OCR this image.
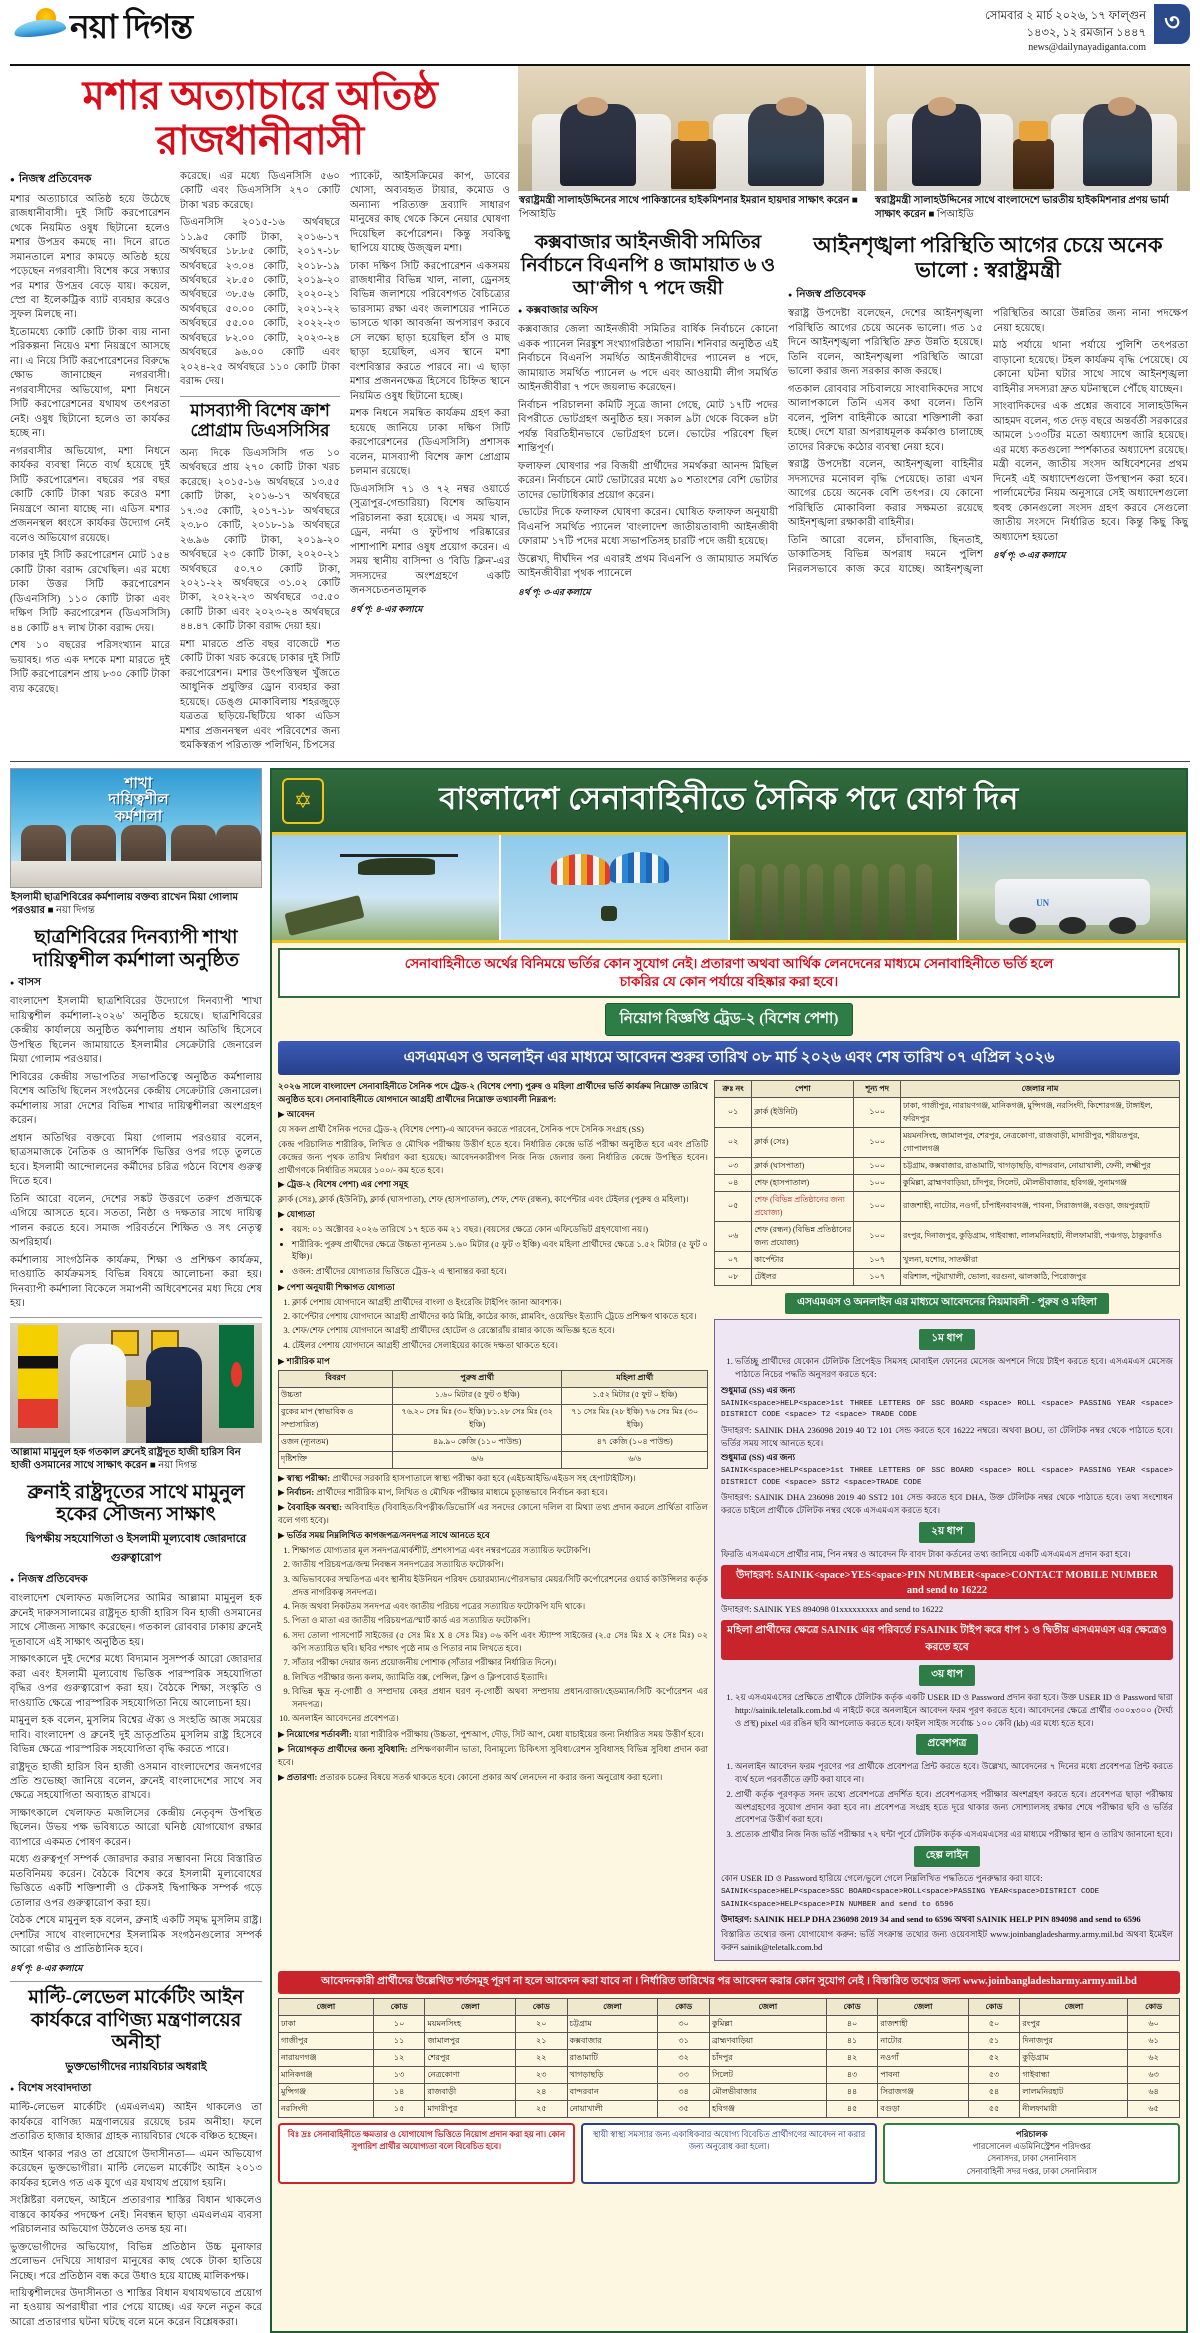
নয়া দিগন্ত	সোমবার ২ মার্চ ২০২৬, ১৭ ফাল্গুন
১৪৩২, ১২ রমজান ১৪৪৭
news@dailynayadiganta.com
৩
মশার অত্যাচারে অতিষ্ঠ রাজধানীবাসী
● নিজস্ব প্রতিবেদক

মশার অত্যাচারে অতিষ্ঠ হয়ে উঠেছে রাজধানীবাসী। দুই সিটি করপোরেশন থেকে নিয়মিত ওষুধ ছিটানো হলেও মশার উপদ্রব কমছে না। দিনে রাতে সমানতালে মশার কামড়ে অতিষ্ঠ হয়ে পড়েছেন নগরবাসী। বিশেষ করে সন্ধ্যার পর মশার উপদ্রব বেড়ে যায়। কয়েল, স্প্রে বা ইলেকট্রিক ব্যাট ব্যবহার করেও সুফল মিলছে না।

ইতোমধ্যে কোটি কোটি টাকা ব্যয় নানা পরিকল্পনা নিয়েও মশা নিয়ন্ত্রণে আসছে না। এ নিয়ে সিটি করপোরেশনের বিরুদ্ধে ক্ষোভ জানাচ্ছেন নগরবাসী। নগরবাসীদের অভিযোগ, মশা নিধনে সিটি করপোরেশনের যথাযথ তৎপরতা নেই। ওষুধ ছিটানো হলেও তা কার্যকর হচ্ছে না।

নগরবাসীর অভিযোগ, মশা নিধনে কার্যকর ব্যবস্থা নিতে ব্যর্থ হয়েছে দুই সিটি করপোরেশন। বছরের পর বছর কোটি কোটি টাকা খরচ করেও মশা নিয়ন্ত্রণে আনা যাচ্ছে না। এডিস মশার প্রজননস্থল ধ্বংসে কার্যকর উদ্যোগ নেই বলেও অভিযোগ রয়েছে।

ঢাকার দুই সিটি করপোরেশন মোট ১৫৪ কোটি টাকা বরাদ্দ রেখেছিল। এর মধ্যে ঢাকা উত্তর সিটি করপোরেশন (ডিএনসিসি) ১১০ কোটি টাকা এবং দক্ষিণ সিটি করপোরেশন (ডিএসসিসি) ৪৪ কোটি ৪৭ লাখ টাকা বরাদ্দ দেয়।

শেষ ১০ বছরের পরিসংখ্যান মারে ভয়াবহ। গত এক দশকে মশা মারতে দুই সিটি করপোরেশন প্রায় ৮৩০ কোটি টাকা ব্যয় করেছে।

করেছে। এর মধ্যে ডিএনসিসি ৫৬০ কোটি এবং ডিএসসিসি ২৭০ কোটি টাকা খরচ করেছে।

ডিএনসিসি ২০১৫-১৬ অর্থবছরে ১১.৯৫ কোটি টাকা, ২০১৬-১৭ অর্থবছরে ১৮.৮৫ কোটি, ২০১৭-১৮ অর্থবছরে ২৩.০৪ কোটি, ২০১৮-১৯ অর্থবছরে ২৮.৫০ কোটি, ২০১৯-২০ অর্থবছরে ৩৮.৫৬ কোটি, ২০২০-২১ অর্থবছরে ৫০.০০ কোটি, ২০২১-২২ অর্থবছরে ৫৫.০০ কোটি, ২০২২-২৩ অর্থবছরে ৮২.০০ কোটি, ২০২৩-২৪ অর্থবছরে ৯৬.০০ কোটি এবং ২০২৪-২৫ অর্থবছরে ১১০ কোটি টাকা বরাদ্দ দেয়।

মাসব্যাপী বিশেষ ক্রাশ প্রোগ্রাম ডিএসসিসির

অন্য দিকে ডিএসসিসি গত ১০ অর্থবছরে প্রায় ২৭০ কোটি টাকা খরচ করেছে। ২০১৫-১৬ অর্থবছরে ১৩.৫৫ কোটি টাকা, ২০১৬-১৭ অর্থবছরে ১৭.৩৫ কোটি, ২০১৭-১৮ অর্থবছরে ২৩.৮০ কোটি, ২০১৮-১৯ অর্থবছরে ২৬.৯৬ কোটি টাকা, ২০১৯-২০ অর্থবছরে ২৩ কোটি টাকা, ২০২০-২১ অর্থবছরে ৫০.৭০ কোটি টাকা, ২০২১-২২ অর্থবছরে ৩১.০২ কোটি টাকা, ২০২২-২৩ অর্থবছরে ৩৫.৫০ কোটি টাকা এবং ২০২৩-২৪ অর্থবছরে ৪৪.৪৭ কোটি টাকা বরাদ্দ দেয়া হয়।

মশা মারতে প্রতি বছর বাজেটে শত কোটি টাকা খরচ করেছে ঢাকার দুই সিটি করপোরেশন। মশার উৎপত্তিস্থল খুঁজতে আধুনিক প্রযুক্তির ড্রোন ব্যবহার করা হয়েছে। ডেঙ্গু মোকাবিলায় শহরজুড়ে যত্রতত্র ছড়িয়ে-ছিটিয়ে থাকা এডিস মশার প্রজননস্থল এবং পরিবেশের জন্য হুমকিস্বরূপ পরিত্যক্ত পলিথিন, চিপসের

প্যাকেট, আইসক্রিমের কাপ, ডাবের খোসা, অব্যবহৃত টায়ার, কমোড ও অন্যান্য পরিত্যক্ত দ্রব্যাদি সাধারণ মানুষের কাছ থেকে কিনে নেয়ার ঘোষণা দিয়েছিল কর্পোরেশন। কিন্তু সবকিছু ছাপিয়ে যাচ্ছে উজ্জ্বল মশা।

ঢাকা দক্ষিণ সিটি করপোরেশন একসময় রাজধানীর বিভিন্ন খাল, নালা, ড্রেনসহ বিভিন্ন জলাশয়ে পরিবেশগত বৈচিত্র্যের ভারসাম্য রক্ষা এবং জলাশয়ের পানিতে ভাসতে থাকা আবর্জনা অপসারণ করবে সে লক্ষ্যে ছাড়া হয়েছিল হাঁস ও মাছ ছাড়া হয়েছিল, এসব স্থানে মশা বংশবিস্তার করতে পারবে না। এ ছাড়া মশার প্রজননক্ষেত্র হিসেবে চিহ্নিত স্থানে নিয়মিত ওষুধ ছিটানো হচ্ছে।

মশক নিধনে সমন্বিত কার্যক্রম গ্রহণ করা হয়েছে জানিয়ে ঢাকা দক্ষিণ সিটি করপোরেশনের (ডিএসসিসি) প্রশাসক বলেন, মাসব্যাপী বিশেষ ক্রাশ প্রোগ্রাম চলমান রয়েছে।

ডিএসসিসি ৭১ ও ৭২ নম্বর ওয়ার্ডে (সুত্রাপুর-গেন্ডারিয়া) বিশেষ অভিযান পরিচালনা করা হয়েছে। এ সময় খাল, ড্রেন, নর্দমা ও ফুটপাথ পরিষ্কারের পাশাপাশি মশার ওষুধ প্রয়োগ করেন। এ সময় স্থানীয় বাসিন্দা ও 'বিডি ক্লিন'-এর সদস্যদের অংশগ্রহণে একটি জনসচেতনতামূলক

৪র্থ পৃ: ৪-এর কলামে
স্বরাষ্ট্রমন্ত্রী সালাহউদ্দিনের সাথে পাকিস্তানের হাইকমিশনার ইমরান হায়দার সাক্ষাৎ করেন ■ পিআইডি
স্বরাষ্ট্রমন্ত্রী সালাহউদ্দিনের সাথে বাংলাদেশে ভারতীয় হাইকমিশনার প্রণয় ভার্মা সাক্ষাৎ করেন ■ পিআইডি
কক্সবাজার আইনজীবী সমিতির নির্বাচনে বিএনপি ৪ জামায়াত ৬ ও আ'লীগ ৭ পদে জয়ী
● কক্সবাজার অফিস

কক্সবাজার জেলা আইনজীবী সমিতির বার্ষিক নির্বাচনে কোনো একক প্যানেল নিরঙ্কুশ সংখ্যাগরিষ্ঠতা পায়নি। শনিবার অনুষ্ঠিত এই নির্বাচনে বিএনপি সমর্থিত আইনজীবীদের প্যানেল ৪ পদে, জামায়াত সমর্থিত প্যানেল ৬ পদে এবং আওয়ামী লীগ সমর্থিত আইনজীবীরা ৭ পদে জয়লাভ করেছেন।

নির্বাচন পরিচালনা কমিটি সূত্রে জানা গেছে, মোট ১৭টি পদের বিপরীতে ভোটগ্রহণ অনুষ্ঠিত হয়। সকাল ৯টা থেকে বিকেল ৪টা পর্যন্ত বিরতিহীনভাবে ভোটগ্রহণ চলে। ভোটের পরিবেশ ছিল শান্তিপূর্ণ।

ফলাফল ঘোষণার পর বিজয়ী প্রার্থীদের সমর্থকরা আনন্দ মিছিল করেন। নির্বাচনে মোট ভোটারের মধ্যে ৯০ শতাংশের বেশি ভোটার তাদের ভোটাধিকার প্রয়োগ করেন।

ভোটের দিকে ফলাফল ঘোষণা করেন। ঘোষিত ফলাফল অনুযায়ী বিএনপি সমর্থিত প্যানেল 'বাংলাদেশ জাতীয়তাবাদী আইনজীবী ফোরাম' ১৭টি পদের মধ্যে সভাপতিসহ চারটি পদে জয়ী হয়েছে।

উল্লেখ্য, দীর্ঘদিন পর এবারই প্রথম বিএনপি ও জামায়াত সমর্থিত আইনজীবীরা পৃথক প্যানেলে

৪র্থ পৃ: ৩-এর কলামে
আইনশৃঙ্খলা পরিস্থিতি আগের চেয়ে অনেক ভালো : স্বরাষ্ট্রমন্ত্রী
● নিজস্ব প্রতিবেদক

স্বরাষ্ট্র উপদেষ্টা বলেছেন, দেশের আইনশৃঙ্খলা পরিস্থিতি আগের চেয়ে অনেক ভালো। গত ১৫ দিনে আইনশৃঙ্খলা পরিস্থিতি দ্রুত উন্নতি হয়েছে। তিনি বলেন, আইনশৃঙ্খলা পরিস্থিতি আরো ভালো করার জন্য সরকার কাজ করছে।

গতকাল রোববার সচিবালয়ে সাংবাদিকদের সাথে আলাপকালে তিনি এসব কথা বলেন। তিনি বলেন, পুলিশ বাহিনীকে আরো শক্তিশালী করা হচ্ছে। দেশে যারা অপরাধমূলক কর্মকাণ্ড চালাচ্ছে তাদের বিরুদ্ধে কঠোর ব্যবস্থা নেয়া হবে।

স্বরাষ্ট্র উপদেষ্টা বলেন, আইনশৃঙ্খলা বাহিনীর সদস্যদের মনোবল বৃদ্ধি পেয়েছে। তারা এখন আগের চেয়ে অনেক বেশি তৎপর। যে কোনো পরিস্থিতি মোকাবিলা করার সক্ষমতা রয়েছে আইনশৃঙ্খলা রক্ষাকারী বাহিনীর।

তিনি আরো বলেন, চাঁদাবাজি, ছিনতাই, ডাকাতিসহ বিভিন্ন অপরাধ দমনে পুলিশ নিরলসভাবে কাজ করে যাচ্ছে। আইনশৃঙ্খলা পরিস্থিতির আরো উন্নতির জন্য নানা পদক্ষেপ নেয়া হয়েছে।

মাঠ পর্যায়ে থানা পর্যায়ে পুলিশি তৎপরতা বাড়ানো হয়েছে। টহল কার্যক্রম বৃদ্ধি পেয়েছে। যে কোনো ঘটনা ঘটার সাথে সাথে আইনশৃঙ্খলা বাহিনীর সদস্যরা দ্রুত ঘটনাস্থলে পৌঁছে যাচ্ছেন।

সাংবাদিকদের এক প্রশ্নের জবাবে সালাহউদ্দিন আহমদ বলেন, গত দেড় বছরে অন্তর্বর্তী সরকারের আমলে ১৩৩টির মতো অধ্যাদেশ জারি হয়েছে। এর মধ্যে কতগুলো স্পর্শকাতর অধ্যাদেশ রয়েছে। মন্ত্রী বলেন, জাতীয় সংসদ অধিবেশনের প্রথম দিনেই এই অধ্যাদেশগুলো উপস্থাপন করা হবে। পার্লামেন্টের নিয়ম অনুসারে সেই অধ্যাদেশগুলো হুবহু কোনগুলো সংসদ গ্রহণ করবে সেগুলো জাতীয় সংসদে নির্ধারিত হবে। কিন্তু কিছু কিছু অধ্যাদেশ হয়তো

৪র্থ পৃ: ৩-এর কলামে
শাখা
দায়িত্বশীল
কর্মশালা
ইসলামী ছাত্রশিবিরের কর্মশালায় বক্তব্য রাখেন মিয়া গোলাম পরওয়ার ■ নয়া দিগন্ত
ছাত্রশিবিরের দিনব্যাপী শাখা দায়িত্বশীল কর্মশালা অনুষ্ঠিত
● বাসস

বাংলাদেশ ইসলামী ছাত্রশিবিরের উদ্যোগে দিনব্যাপী 'শাখা দায়িত্বশীল কর্মশালা-২০২৬' অনুষ্ঠিত হয়েছে। ছাত্রশিবিরের কেন্দ্রীয় কার্যালয়ে অনুষ্ঠিত কর্মশালায় প্রধান অতিথি হিসেবে উপস্থিত ছিলেন জামায়াতে ইসলামীর সেক্রেটারি জেনারেল মিয়া গোলাম পরওয়ার।

শিবিরের কেন্দ্রীয় সভাপতির সভাপতিত্বে অনুষ্ঠিত কর্মশালায় বিশেষ অতিথি ছিলেন সংগঠনের কেন্দ্রীয় সেক্রেটারি জেনারেল। কর্মশালায় সারা দেশের বিভিন্ন শাখার দায়িত্বশীলরা অংশগ্রহণ করেন।

প্রধান অতিথির বক্তব্যে মিয়া গোলাম পরওয়ার বলেন, ছাত্রসমাজকে নৈতিক ও আদর্শিক ভিত্তির ওপর গড়ে তুলতে হবে। ইসলামী আন্দোলনের কর্মীদের চরিত্র গঠনে বিশেষ গুরুত্ব দিতে হবে।

তিনি আরো বলেন, দেশের সঙ্কট উত্তরণে তরুণ প্রজন্মকে এগিয়ে আসতে হবে। সততা, নিষ্ঠা ও দক্ষতার সাথে দায়িত্ব পালন করতে হবে। সমাজ পরিবর্তনে শিক্ষিত ও সৎ নেতৃত্ব অপরিহার্য।

কর্মশালায় সাংগঠনিক কার্যক্রম, শিক্ষা ও প্রশিক্ষণ কার্যক্রম, দাওয়াতি কার্যক্রমসহ বিভিন্ন বিষয়ে আলোচনা করা হয়। দিনব্যাপী কর্মশালা বিকেলে সমাপনী অধিবেশনের মধ্য দিয়ে শেষ হয়।

আল্লামা মামুনুল হক গতকাল ব্রুনেই রাষ্ট্রদূত হাজী হারিস বিন হাজী ওসমানের সাথে সাক্ষাৎ করেন ■ নয়া দিগন্ত
ব্রুনাই রাষ্ট্রদূতের সাথে মামুনুল হকের সৌজন্য সাক্ষাৎ
দ্বিপক্ষীয় সহযোগিতা ও ইসলামী মূল্যবোধ জোরদারে গুরুত্বারোপ
● নিজস্ব প্রতিবেদক

বাংলাদেশ খেলাফত মজলিসের আমির আল্লামা মামুনুল হক ব্রুনেই দারুসসালামের রাষ্ট্রদূত হাজী হারিস বিন হাজী ওসমানের সাথে সৌজন্য সাক্ষাৎ করেছেন। গতকাল রোববার ঢাকায় ব্রুনেই দূতাবাসে এই সাক্ষাৎ অনুষ্ঠিত হয়।

সাক্ষাৎকালে দুই দেশের মধ্যে বিদ্যমান সুসম্পর্ক আরো জোরদার করা এবং ইসলামী মূল্যবোধ ভিত্তিক পারস্পরিক সহযোগিতা বৃদ্ধির ওপর গুরুত্বারোপ করা হয়। বৈঠকে শিক্ষা, সংস্কৃতি ও দাওয়াতি ক্ষেত্রে পারস্পরিক সহযোগিতা নিয়ে আলোচনা হয়।

মামুনুল হক বলেন, মুসলিম বিশ্বের ঐক্য ও সংহতি আজ সময়ের দাবি। বাংলাদেশ ও ব্রুনেই দুই ভ্রাতৃপ্রতিম মুসলিম রাষ্ট্র হিসেবে বিভিন্ন ক্ষেত্রে পারস্পরিক সহযোগিতা বৃদ্ধি করতে পারে।

রাষ্ট্রদূত হাজী হারিস বিন হাজী ওসমান বাংলাদেশের জনগণের প্রতি শুভেচ্ছা জানিয়ে বলেন, ব্রুনেই বাংলাদেশের সাথে সব ক্ষেত্রে সহযোগিতা অব্যাহত রাখবে।

সাক্ষাৎকালে খেলাফত মজলিসের কেন্দ্রীয় নেতৃবৃন্দ উপস্থিত ছিলেন। উভয় পক্ষ ভবিষ্যতে আরো ঘনিষ্ঠ যোগাযোগ রক্ষার ব্যাপারে একমত পোষণ করেন।

মধ্যে গুরুত্বপূর্ণ সম্পর্ক জোরদার করার সম্ভাবনা নিয়ে বিস্তারিত মতবিনিময় করেন। বৈঠকে বিশেষ করে ইসলামী মূল্যবোধের ভিত্তিতে একটি শক্তিশালী ও টেকসই দ্বিপাক্ষিক সম্পর্ক গড়ে তোলার ওপর গুরুত্বারোপ করা হয়।

বৈঠক শেষে মামুনুল হক বলেন, ব্রুনাই একটি সমৃদ্ধ মুসলিম রাষ্ট্র। দেশটির সাথে বাংলাদেশের ইসলামিক সংগঠনগুলোর সম্পর্ক আরো গভীর ও প্রাতিষ্ঠানিক হবে।

৪র্থ পৃ: ৪-এর কলামে
মাল্টি-লেভেল মার্কেটিং আইন কার্যকরে বাণিজ্য মন্ত্রণালয়ের অনীহা
ভুক্তভোগীদের ন্যায়বিচার অধরাই
● বিশেষ সংবাদদাতা

মাল্টি-লেভেল মার্কেটিং (এমএলএম) আইন থাকলেও তা কার্যকরে বাণিজ্য মন্ত্রণালয়ের রয়েছে চরম অনীহা। ফলে প্রতারিত হাজার হাজার গ্রাহক ন্যায়বিচার থেকে বঞ্চিত হচ্ছেন।

আইন থাকার পরও তা প্রয়োগে উদাসীনতা— এমন অভিযোগ করেছেন ভুক্তভোগীরা। মাল্টি লেভেল মার্কেটিং আইন ২০১৩ কার্যকর হলেও গত এক যুগে এর যথাযথ প্রয়োগ হয়নি।

সংশ্লিষ্টরা বলছেন, আইনে প্রতারণার শাস্তির বিধান থাকলেও বাস্তবে কার্যকর পদক্ষেপ নেই। নিবন্ধন ছাড়া এমএলএম ব্যবসা পরিচালনার অভিযোগ উঠলেও তদন্ত হয় না।

ভুক্তভোগীদের অভিযোগ, বিভিন্ন প্রতিষ্ঠান উচ্চ মুনাফার প্রলোভন দেখিয়ে সাধারণ মানুষের কাছ থেকে টাকা হাতিয়ে নিচ্ছে। পরে প্রতিষ্ঠান বন্ধ করে উধাও হয়ে যাচ্ছে মালিকপক্ষ।

দায়িত্বশীলদের উদাসীনতা ও শাস্তির বিধান যথাযথভাবে প্রয়োগ না হওয়ায় অপরাধীরা পার পেয়ে যাচ্ছে। এর ফলে নতুন করে আরো প্রতারণার ঘটনা ঘটছে বলে মনে করেন বিশ্লেষকরা।

✡	বাংলাদেশ সেনাবাহিনীতে সৈনিক পদে যোগ দিন
UN
সেনাবাহিনীতে অর্থের বিনিময়ে ভর্তির কোন সুযোগ নেই। প্রতারণা অথবা আর্থিক লেনদেনের মাধ্যমে সেনাবাহিনীতে ভর্তি হলে
চাকরির যে কোন পর্যায়ে বহিষ্কার করা হবে।
নিয়োগ বিজ্ঞপ্তি ট্রেড-২ (বিশেষ পেশা)
এসএমএস ও অনলাইন এর মাধ্যমে আবেদন শুরুর তারিখ ০৮ মার্চ ২০২৬ এবং শেষ তারিখ ০৭ এপ্রিল ২০২৬
২০২৬ সালে বাংলাদেশ সেনাবাহিনীতে সৈনিক পদে ট্রেড-২ (বিশেষ পেশা) পুরুষ ও মহিলা প্রার্থীদের ভর্তি কার্যক্রম নিম্নোক্ত তারিখে অনুষ্ঠিত হবে। সেনাবাহিনীতে যোগদানে আগ্রহী প্রার্থীদের নিম্নোক্ত তথ্যাবলী নিম্নরূপ:
▶ আবেদন
যে সকল প্রার্থী সৈনিক পদের ট্রেড-২ (বিশেষ পেশা)-এ আবেদন করতে পারবেন, সৈনিক পদে সৈনিক সংগ্রহ (SS)
কেন্দ্র পরিচালিত শারীরিক, লিখিত ও মৌখিক পরীক্ষায় উত্তীর্ণ হতে হবে। নির্ধারিত কেন্দ্রে ভর্তি পরীক্ষা অনুষ্ঠিত হবে এবং প্রতিটি কেন্দ্রের জন্য পৃথক তারিখ নির্ধারণ করা হয়েছে। আবেদনকারীগণ নিজ নিজ জেলার জন্য নির্ধারিত কেন্দ্রে উপস্থিত হবেন। প্রার্থীগণকে নির্ধারিত সময়ের ১০০/- কম হতে হবে।
▶ ট্রেড-২ (বিশেষ পেশা) এর পেশা সমূহ
ক্লার্ক (সেঃ), ক্লার্ক (ইউনিট), ক্লার্ক (ঘাসপাতা), শেফ (হাসপাতাল), শেফ, শেফ (রন্ধন), কার্পেন্টার এবং টেইলর (পুরুষ ও মহিলা)।
▶ যোগ্যতা
• বয়স: ০১ অক্টোবর ২০২৬ তারিখে ১৭ হতে কম ২১ বছর। (বয়সের ক্ষেত্রে কোন এফিডেভিট গ্রহণযোগ্য নয়।)
• শারীরিক: পুরুষ প্রার্থীদের ক্ষেত্রে উচ্চতা ন্যূনতম ১.৬০ মিটার (৫ ফুট ৩ ইঞ্চি) এবং মহিলা প্রার্থীদের ক্ষেত্রে ১.৫২ মিটার (৫ ফুট ০ ইঞ্চি)।
• ওজন: প্রার্থীদের যোগ্যতার ভিত্তিতে ট্রেড-২ এ স্থানান্তর করা হবে।
▶ পেশা অনুযায়ী শিক্ষাগত যোগ্যতা
1. ক্লার্ক পেশায় যোগদানে আগ্রহী প্রার্থীদের বাংলা ও ইংরেজি টাইপিং জানা আবশ্যক।
2. কার্পেন্টার পেশায় যোগদানে আগ্রহী প্রার্থীদের কাঠ মিস্ত্রি, কাঠের কাজ, প্লামবিং, ওয়েল্ডিং ইত্যাদি ট্রেডে প্রশিক্ষণ থাকতে হবে।
3. শেফ/শেফ পেশায় যোগদানে আগ্রহী প্রার্থীদের হোটেল ও রেস্তোরাঁয় রান্নার কাজে অভিজ্ঞ হতে হবে।
4. টেইলর পেশায় যোগদানে আগ্রহী প্রার্থীদের সেলাইয়ের কাজে দক্ষতা থাকতে হবে।
▶ শারীরিক মাপ
বিবরণ	পুরুষ প্রার্থী	মহিলা প্রার্থী
উচ্চতা	১.৬০ মিটার (৫ ফুট ৩ ইঞ্চি)	১.৫২ মিটার (৫ ফুট ০ ইঞ্চি)
বুকের মাপ (স্বাভাবিক ও সম্প্রসারিত)	৭৬.২০ সেঃ মিঃ (৩০ ইঞ্চি) ৮১.২৮ সেঃ মিঃ (৩২ ইঞ্চি)	৭১ সেঃ মিঃ (২৮ ইঞ্চি) ৭৬ সেঃ মিঃ (৩০ ইঞ্চি)
ওজন (ন্যূনতম)	৪৯.৯০ কেজি (১১০ পাউন্ড)	৪৭ কেজি (১০৪ পাউন্ড)
দৃষ্টিশক্তি	৬/৬	৬/৬
▶ স্বাস্থ্য পরীক্ষা: প্রার্থীদের সরকারি হাসপাতালে স্বাস্থ্য পরীক্ষা করা হবে (এইচআইভি/এইডস সহ হেপাটাইটিস)।
▶ নির্বাচন: প্রার্থীদের শারীরিক মাপ, লিখিত ও মৌখিক পরীক্ষার মাধ্যমে চূড়ান্তভাবে নির্বাচন করা হবে।
▶ বৈবাহিক অবস্থা: অবিবাহিত (বিবাহিত/বিপত্নীক/ডিভোর্সি এর সনদের কোনো দলিল বা মিথ্যা তথ্য প্রদান করলে প্রার্থিতা বাতিল বলে গণ্য হবে)।
▶ ভর্তির সময় নিম্নলিখিত কাগজপত্র/সনদপত্র সাথে আনতে হবে
1. শিক্ষাগত যোগ্যতার মূল সনদপত্র/মার্কশীট, প্রশংসাপত্র এবং নম্বরপত্রের সত্যায়িত ফটোকপি।
2. জাতীয় পরিচয়পত্র/জন্ম নিবন্ধন সনদপত্রের সত্যায়িত ফটোকপি।
3. অভিভাবকের সম্মতিপত্র এবং স্থানীয় ইউনিয়ন পরিষদ চেয়ারম্যান/পৌরসভার মেয়র/সিটি কর্পোরেশনের ওয়ার্ড কাউন্সিলর কর্তৃক প্রদত্ত নাগরিকত্ব সনদপত্র।
4. নিজ অথবা নিকটতম সনদপত্র এবং জাতীয় পরিচয় পত্রের সত্যায়িত ফটোকপি যদি থাকে।
5. পিতা ও মাতা এর জাতীয় পরিচয়পত্র/স্মার্ট কার্ড এর সত্যায়িত ফটোকপি।
6. সদ্য তোলা পাসপোর্ট সাইজের (৫ সেঃ মিঃ X ৪ সেঃ মিঃ) ০৬ কপি এবং স্ট্যাম্প সাইজের (২.৫ সেঃ মিঃ X ২ সেঃ মিঃ) ০২ কপি সত্যায়িত ছবি। ছবির পশ্চাৎ পৃষ্ঠে নাম ও পিতার নাম লিখতে হবে।
7. সাঁতার পরীক্ষা দেয়ার জন্য প্রয়োজনীয় পোশাক (সাঁতার পরীক্ষার নির্ধারিত দিনে)।
8. লিখিত পরীক্ষার জন্য কলম, জ্যামিতি বক্স, পেন্সিল, ক্লিপ ও ক্লিপবোর্ড ইত্যাদি।
9. বিভিন্ন ক্ষুদ্র নৃ-গোষ্ঠী ও সম্প্রদায় কেহর প্রধান ঘরণ নৃ-গোষ্ঠী অথবা সম্প্রদায় প্রধান/রাজা/হেডম্যান/সিটি কর্পোরেশন এর সনদপত্র।
10. অনলাইন আবেদনের প্রবেশপত্র।
▶ নিয়োগের শর্তাবলী: যারা শারীরিক পরীক্ষায় (উচ্চতা, পুশআপ, দৌড়, সিট আপ, মেধা যাচাইয়ের জন্য নির্ধারিত সময় উত্তীর্ণ হবে।
▶ নিয়োগকৃত প্রার্থীদের জন্য সুবিধাদি: প্রশিক্ষণকালীন ভাতা, বিনামূল্যে চিকিৎসা সুবিধা/রেশন সুবিধাসহ বিভিন্ন সুবিধা প্রদান করা হবে।
▶ প্রতারণা: প্রতারক চক্রের বিষয়ে সতর্ক থাকতে হবে। কোনো প্রকার অর্থ লেনদেন না করার জন্য অনুরোধ করা হলো।
ক্রঃ নং	পেশা	শূন্য পদ	জেলার নাম
০১	ক্লার্ক (ইউনিট)	১০০	ঢাকা, গাজীপুর, নারায়ণগঞ্জ, মানিকগঞ্জ, মুন্সিগঞ্জ, নরসিংদী, কিশোরগঞ্জ, টাঙ্গাইল, ফরিদপুর
০২	ক্লার্ক (সেঃ)	১০০	ময়মনসিংহ, জামালপুর, শেরপুর, নেত্রকোণা, রাজবাড়ী, মাদারীপুর, শরীয়তপুর, গোপালগঞ্জ
০৩	ক্লার্ক (ঘাসপাতা)	১০০	চট্টগ্রাম, কক্সবাজার, রাঙামাটি, খাগড়াছড়ি, বান্দরবান, নোয়াখালী, ফেনী, লক্ষ্মীপুর
০৪	শেফ (হাসপাতাল)	১০০	কুমিল্লা, ব্রাহ্মণবাড়িয়া, চাঁদপুর, সিলেট, মৌলভীবাজার, হবিগঞ্জ, সুনামগঞ্জ
০৫	শেফ (বিভিন্ন প্রতিষ্ঠানের জন্য প্রযোজ্য)	১০০	রাজশাহী, নাটোর, নওগাঁ, চাঁপাইনবাবগঞ্জ, পাবনা, সিরাজগঞ্জ, বগুড়া, জয়পুরহাট
০৬	শেফ (রন্ধন) (বিভিন্ন প্রতিষ্ঠানের জন্য প্রযোজ্য)	১০০	রংপুর, দিনাজপুর, কুড়িগ্রাম, গাইবান্ধা, লালমনিরহাট, নীলফামারী, পঞ্চগড়, ঠাকুরগাঁও
০৭	কার্পেন্টার	১০৭	খুলনা, যশোর, সাতক্ষীরা
০৮	টেইলর	১০৭	বরিশাল, পটুয়াখালী, ভোলা, বরগুনা, ঝালকাঠি, পিরোজপুর
এসএমএস ও অনলাইন এর মাধ্যমে আবেদনের নিয়মাবলী - পুরুষ ও মহিলা
১ম ধাপ
1. ভর্তিচ্ছু প্রার্থীদের যেকোন টেলিটক প্রিপেইড সিমসহ মোবাইল ফোনের মেসেজ অপশনে গিয়ে টাইপ করতে হবে। এসএমএস মেসেজ পাঠাতে নিচের পদ্ধতি অনুসরণ করতে হবে:
শুধুমাত্র (SS) এর জন্য
SAINIK<space>HELP<space>1st THREE LETTERS OF SSC BOARD <space> ROLL <space> PASSING YEAR <space> DISTRICT CODE <space> T2 <space> TRADE CODE
উদাহরণ: SAINIK DHA 236098 2019 40 T2 101 সেন্ড করতে হবে 16222 নম্বরে। অথবা BOU, তা টেলিটক নম্বর থেকে পাঠাতে হবে। ভর্তির সময় সাথে আনতে হবে।
শুধুমাত্র (SS) এর জন্য
SAINIK<space>HELP<space>1st THREE LETTERS OF SSC BOARD <space> ROLL <space> PASSING YEAR <space> DISTRICT CODE <space> SST2 <space>TRADE CODE
উদাহরণ: SAINIK DHA 236098 2019 40 SST2 101 সেন্ড করতে হবে DHA, উক্ত টেলিটক নম্বর থেকে পাঠাতে হবে। তথ্য সংশোধন করতে চাইলে প্রার্থীকে টেলিটক নম্বর থেকে এসএমএস করতে হবে।
২য় ধাপ
ফিরতি এসএমএসে প্রার্থীর নাম, পিন নম্বর ও আবেদন ফি বাবদ টাকা কর্তনের তথ্য জানিয়ে একটি এসএমএস প্রদান করা হবে।
উদাহরণ: SAINIK<space>YES<space>PIN NUMBER<space>CONTACT MOBILE NUMBER and send to 16222
উদাহরণ: SAINIK YES 894098 01xxxxxxxxx and send to 16222
মহিলা প্রার্থীদের ক্ষেত্রে SAINIK এর পরিবর্তে FSAINIK টাইপ করে ধাপ ১ ও দ্বিতীয় এসএমএস এর ক্ষেত্রেও করতে হবে
৩য় ধাপ
1. ২য় এসএমএসের প্রেক্ষিতে প্রার্থীকে টেলিটক কর্তৃক একটি USER ID ও Password প্রদান করা হবে। উক্ত USER ID ও Password দ্বারা http://sainik.teletalk.com.bd এ নাইটে করে অনলাইনে আবেদন ফরম পূরণ করতে হবে। আবেদনের ক্ষেত্রে প্রার্থীর ৩০০x৩০০ (দৈর্ঘ্য ও প্রস্থ) pixel এর রঙিন ছবি আপলোড করতে হবে। ফাইল সাইজ সর্বোচ্চ ১০০ কেবি (kb) এর মধ্যে হতে হবে।
প্রবেশপত্র
1. অনলাইন আবেদন ফরম পূরণের পর প্রার্থীকে প্রবেশপত্র প্রিন্ট করতে হবে। উল্লেখ্য, আবেদনের ৭ দিনের মধ্যে প্রবেশপত্র প্রিন্ট করতে ব্যর্থ হলে পরবর্তীতে ত্রুটি করা যাবে না।
2. প্রার্থী কর্তৃক পূরণকৃত সনদ তথ্যে প্রবেশপত্রে প্রদর্শিত হবে। প্রবেশপত্রসহ পরীক্ষার অংশগ্রহণ করতে হবে। প্রবেশপত্র ছাড়া পরীক্ষায় অংশগ্রহণের সুযোগ প্রদান করা হবে না। প্রবেশপত্র সংগ্রহ হতে দূরে থাকার জন্য সোশ্যালসহ রক্ষার শেষে পরীক্ষার ছবি ও ভর্তির প্রবেশপত্র উত্তীর্ণ করা হবে।
3. প্রত্যেক প্রার্থীর নিজ নিজ ভর্তি পরীক্ষার ৭২ ঘন্টা পূর্বে টেলিটক কর্তৃক এসএমএসের এর মাধ্যমে পরীক্ষার স্থান ও তারিখ জানানো হবে।
হেল্প লাইন
কোন USER ID ও Password হারিয়ে গেলে/ভুলে গেলে নিম্নলিখিত পদ্ধতিতে পুনরুদ্ধার করা যাবে:
SAINIK<space>HELP<space>SSC BOARD<space>ROLL<space>PASSING YEAR<space>DISTRICT CODE
SAINIK<space>HELP<space>PIN NUMBER and send to 6596
উদাহরণ: SAINIK HELP DHA 236098 2019 34 and send to 6596 অথবা SAINIK HELP PIN 894098 and send to 6596
বিস্তারিত তথ্যের জন্য যোগাযোগ করুন: ভর্তি সংক্রান্ত তথ্যের জন্য ওয়েবসাইট www.joinbangladesharmy.army.mil.bd অথবা ইমেইল করুন sainik@teletalk.com.bd
আবেদনকারী প্রার্থীদের উল্লেখিত শর্তসমূহ পূরণ না হলে আবেদন করা যাবে না । নির্ধারিত তারিখের পর আবেদন করার কোন সুযোগ নেই । বিস্তারিত তথ্যের জন্য www.joinbangladesharmy.army.mil.bd
জেলা	কোড	জেলা	কোড	জেলা	কোড	জেলা	কোড	জেলা	কোড	জেলা	কোড
ঢাকা	১০	ময়মনসিংহ	২০	চট্টগ্রাম	৩০	কুমিল্লা	৪০	রাজশাহী	৫০	রংপুর	৬০
গাজীপুর	১১	জামালপুর	২১	কক্সবাজার	৩১	ব্রাহ্মণবাড়িয়া	৪১	নাটোর	৫১	দিনাজপুর	৬১
নারায়ণগঞ্জ	১২	শেরপুর	২২	রাঙামাটি	৩২	চাঁদপুর	৪২	নওগাঁ	৫২	কুড়িগ্রাম	৬২
মানিকগঞ্জ	১৩	নেত্রকোণা	২৩	খাগড়াছড়ি	৩৩	সিলেট	৪৩	পাবনা	৫৩	গাইবান্ধা	৬৩
মুন্সিগঞ্জ	১৪	রাজবাড়ী	২৪	বান্দরবান	৩৪	মৌলভীবাজার	৪৪	সিরাজগঞ্জ	৫৪	লালমনিরহাট	৬৪
নরসিংদী	১৫	মাদারীপুর	২৫	নোয়াখালী	৩৫	হবিগঞ্জ	৪৫	বগুড়া	৫৫	নীলফামারী	৬৫
বিঃ দ্রঃ সেনাবাহিনীতে ক্ষমতার ও যোগাযোগ ভিত্তিতে নিয়োগ প্রদান করা হয় না। কোন সুপারিশ প্রার্থীর অযোগ্যতা বলে বিবেচিত হবে।
স্থায়ী স্বাস্থ্য সমস্যার জন্য একাধিকবার অযোগ্য বিবেচিত প্রার্থীগণের আবেদন না করার জন্য অনুরোধ করা হলো।
পরিচালক
পারসোনেল এডমিনিস্ট্রেশন পরিদপ্তর
সেনাসদর, ঢাকা সেনানিবাস
সেনাবাহিনী সদর দপ্তর, ঢাকা সেনানিবাস
